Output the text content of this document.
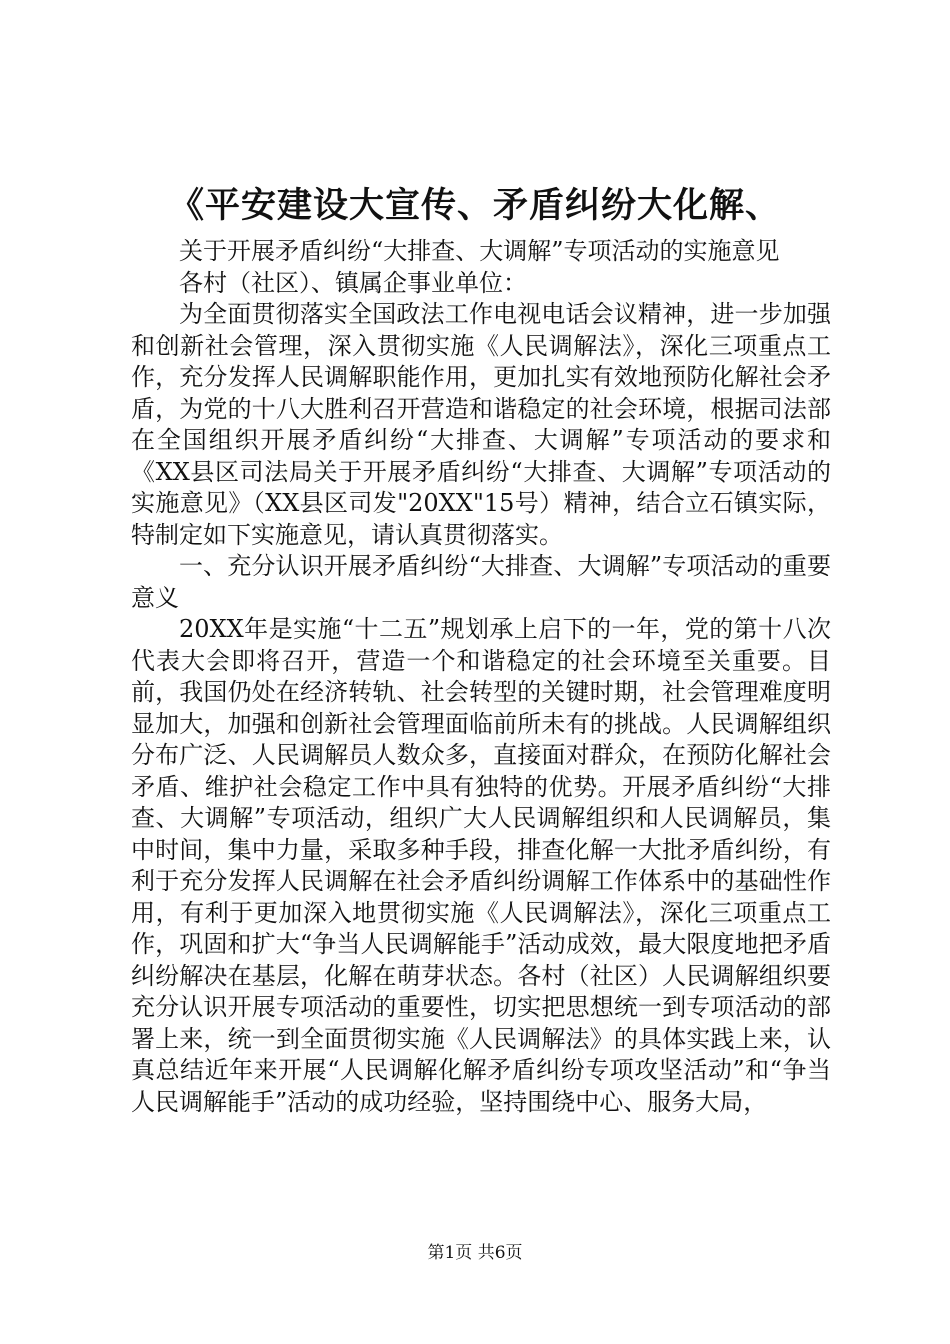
《平安建设大宣传、矛盾纠纷大化解、

关于开展矛盾纠纷“大排查、大调解”专项活动的实施意见

各村（社区）、镇属企事业单位：

为全面贯彻落实全国政法工作电视电话会议精神，进一步加强和创新社会管理，深入贯彻实施《人民调解法》，深化三项重点工作，充分发挥人民调解职能作用，更加扎实有效地预防化解社会矛盾，为党的十八大胜利召开营造和谐稳定的社会环境，根据司法部在全国组织开展矛盾纠纷“大排查、大调解”专项活动的要求和《XX县区司法局关于开展矛盾纠纷“大排查、大调解”专项活动的实施意见》（XX县区司发"20XX"15号）精神，结合立石镇实际，特制定如下实施意见，请认真贯彻落实。

一、充分认识开展矛盾纠纷“大排查、大调解”专项活动的重要意义

20XX年是实施“十二五”规划承上启下的一年，党的第十八次代表大会即将召开，营造一个和谐稳定的社会环境至关重要。目前，我国仍处在经济转轨、社会转型的关键时期，社会管理难度明显加大，加强和创新社会管理面临前所未有的挑战。人民调解组织分布广泛、人民调解员人数众多，直接面对群众，在预防化解社会矛盾、维护社会稳定工作中具有独特的优势。开展矛盾纠纷“大排查、大调解”专项活动，组织广大人民调解组织和人民调解员，集中时间，集中力量，采取多种手段，排查化解一大批矛盾纠纷，有利于充分发挥人民调解在社会矛盾纠纷调解工作体系中的基础性作用，有利于更加深入地贯彻实施《人民调解法》，深化三项重点工作，巩固和扩大“争当人民调解能手”活动成效，最大限度地把矛盾纠纷解决在基层，化解在萌芽状态。各村（社区）人民调解组织要充分认识开展专项活动的重要性，切实把思想统一到专项活动的部署上来，统一到全面贯彻实施《人民调解法》的具体实践上来，认真总结近年来开展“人民调解化解矛盾纠纷专项攻坚活动”和“争当人民调解能手”活动的成功经验，坚持围绕中心、服务大局，

第1页 共6页
